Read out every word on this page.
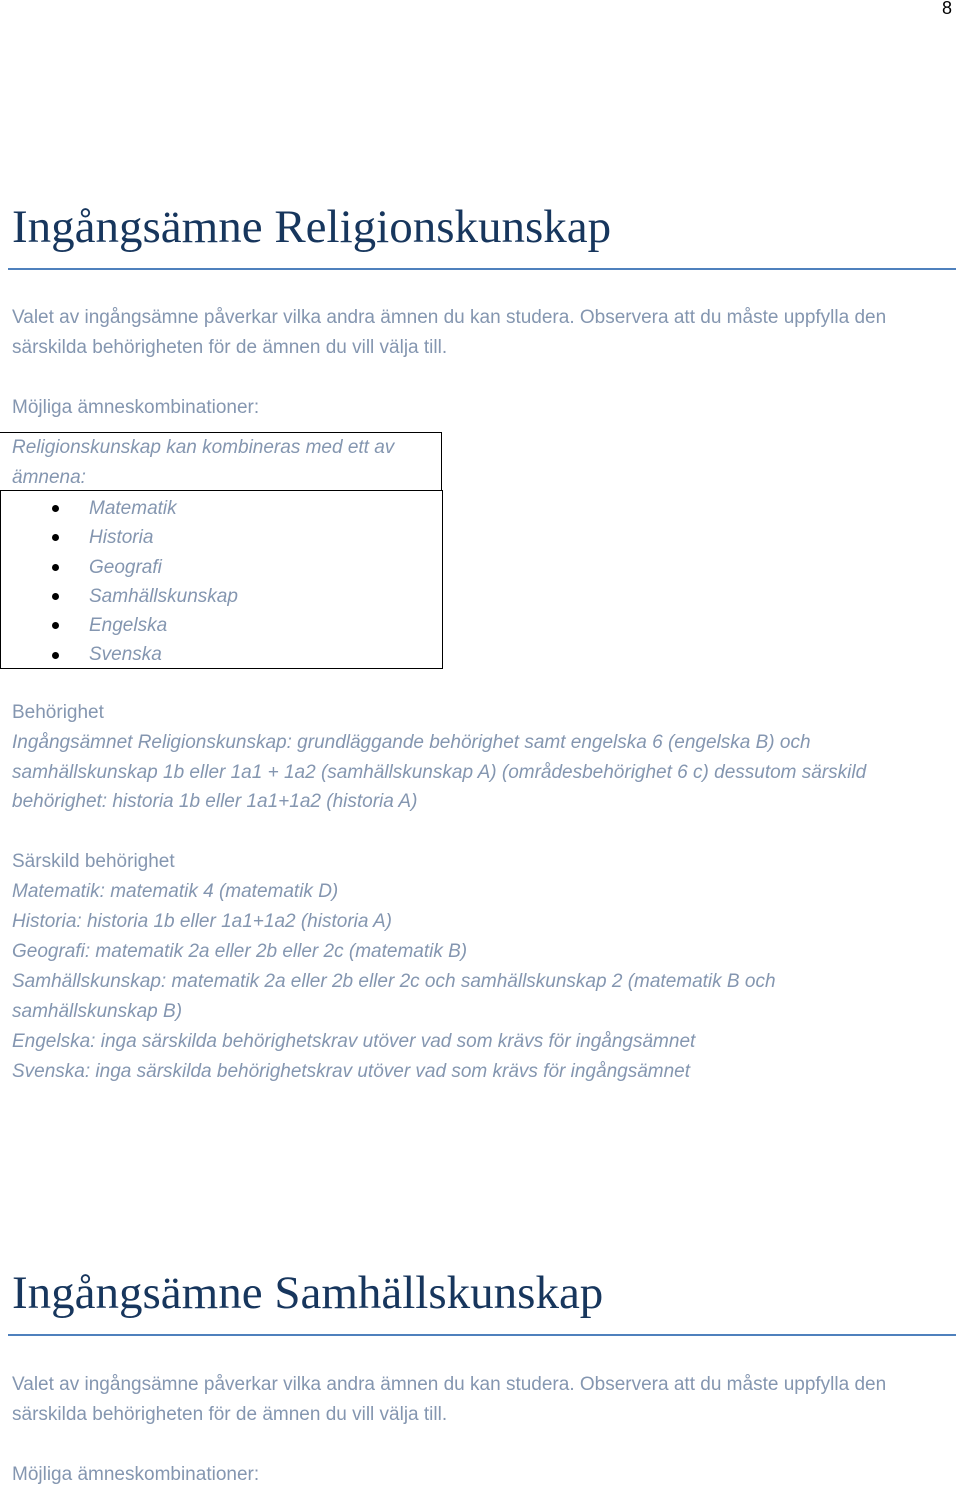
8
Ingångsämne Religionskunskap

Valet av ingångsämne påverkar vilka andra ämnen du kan studera. Observera att du måste uppfylla den särskilda behörigheten för de ämnen du vill välja till.

Möjliga ämneskombinationer:

Religionskunskap kan kombineras med ett av ämnena:

Matematik
Historia
Geografi
Samhällskunskap
Engelska
Svenska

Behörighet

Ingångsämnet Religionskunskap: grundläggande behörighet samt engelska 6 (engelska B) och samhällskunskap 1b eller 1a1 + 1a2 (samhällskunskap A) (områdesbehörighet 6 c) dessutom särskild behörighet: historia 1b eller 1a1+1a2 (historia A)

Särskild behörighet

Matematik: matematik 4 (matematik D)

Historia: historia 1b eller 1a1+1a2 (historia A)

Geografi: matematik 2a eller 2b eller 2c (matematik B)

Samhällskunskap: matematik 2a eller 2b eller 2c och samhällskunskap 2 (matematik B och samhällskunskap B)

Engelska: inga särskilda behörighetskrav utöver vad som krävs för ingångsämnet

Svenska: inga särskilda behörighetskrav utöver vad som krävs för ingångsämnet

Ingångsämne Samhällskunskap

Valet av ingångsämne påverkar vilka andra ämnen du kan studera. Observera att du måste uppfylla den särskilda behörigheten för de ämnen du vill välja till.

Möjliga ämneskombinationer:
